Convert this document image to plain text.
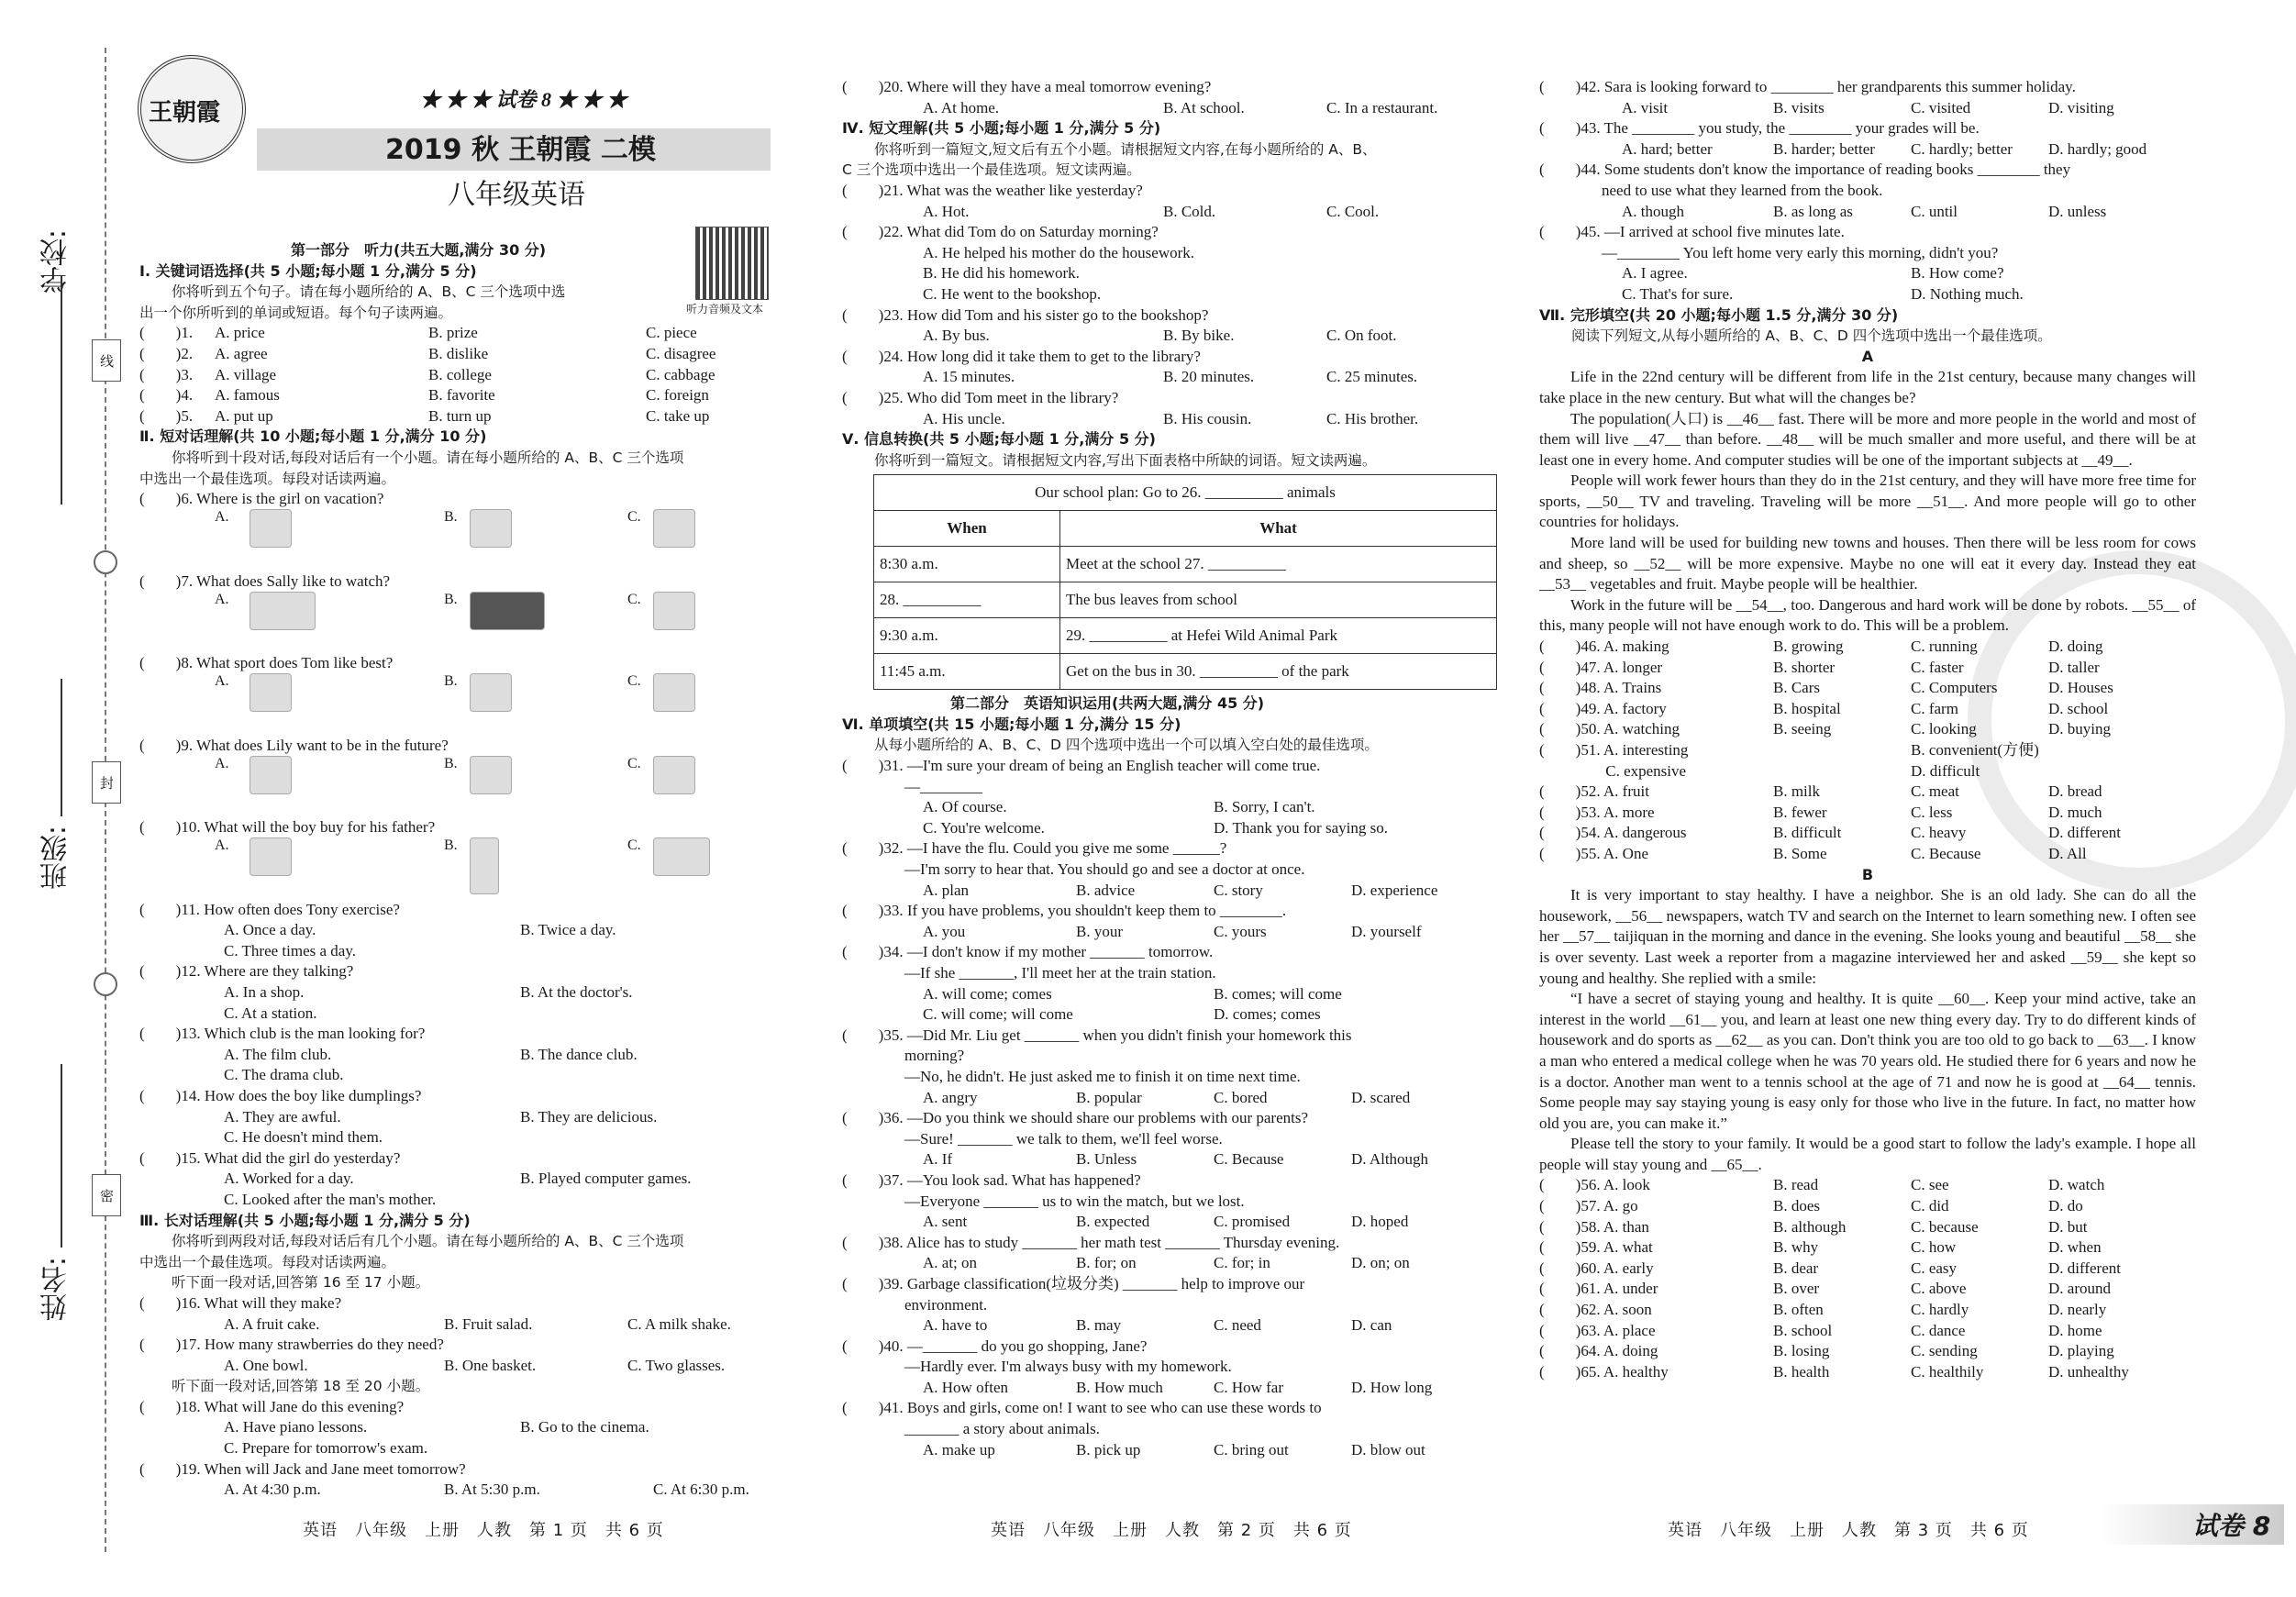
学校:
班级:
姓名:
线
封
密
王朝霞	★ ★ ★ 试卷 8 ★ ★ ★
2019 秋 王朝霞 二模
八年级英语
听力音频及文本
第一部分　听力(共五大题,满分 30 分)
Ⅰ. 关键词语选择(共 5 小题;每小题 1 分,满分 5 分)
你将听到五个句子。请在每小题所给的 A、B、C 三个选项中选
出一个你所听到的单词或短语。每个句子读两遍。
(　　)1. A. price	B. prize	C. piece
(　　)2. A. agree	B. dislike	C. disagree
(　　)3. A. village	B. college	C. cabbage
(　　)4. A. famous	B. favorite	C. foreign
(　　)5. A. put up	B. turn up	C. take up
Ⅱ. 短对话理解(共 10 小题;每小题 1 分,满分 10 分)
你将听到十段对话,每段对话后有一个小题。请在每小题所给的 A、B、C 三个选项
中选出一个最佳选项。每段对话读两遍。
(　　)6. Where is the girl on vacation?
A.	B.	C.
(　　)7. What does Sally like to watch?
A.	B.	C.
(　　)8. What sport does Tom like best?
A.	B.	C.
(　　)9. What does Lily want to be in the future?
A.	B.	C.
(　　)10. What will the boy buy for his father?
A.	B.	C.
(　　)11. How often does Tony exercise?
A. Once a day.	B. Twice a day.
C. Three times a day.
(　　)12. Where are they talking?
A. In a shop.	B. At the doctor's.
C. At a station.
(　　)13. Which club is the man looking for?
A. The film club.	B. The dance club.
C. The drama club.
(　　)14. How does the boy like dumplings?
A. They are awful.	B. They are delicious.
C. He doesn't mind them.
(　　)15. What did the girl do yesterday?
A. Worked for a day.	B. Played computer games.
C. Looked after the man's mother.
Ⅲ. 长对话理解(共 5 小题;每小题 1 分,满分 5 分)
你将听到两段对话,每段对话后有几个小题。请在每小题所给的 A、B、C 三个选项
中选出一个最佳选项。每段对话读两遍。
听下面一段对话,回答第 16 至 17 小题。
(　　)16. What will they make?
A. A fruit cake.	B. Fruit salad.	C. A milk shake.
(　　)17. How many strawberries do they need?
A. One bowl.	B. One basket.	C. Two glasses.
听下面一段对话,回答第 18 至 20 小题。
(　　)18. What will Jane do this evening?
A. Have piano lessons.	B. Go to the cinema.
C. Prepare for tomorrow's exam.
(　　)19. When will Jack and Jane meet tomorrow?
A. At 4:30 p.m.	B. At 5:30 p.m.	C. At 6:30 p.m.
(　　)20. Where will they have a meal tomorrow evening?
A. At home.	B. At school.	C. In a restaurant.
Ⅳ. 短文理解(共 5 小题;每小题 1 分,满分 5 分)
你将听到一篇短文,短文后有五个小题。请根据短文内容,在每小题所给的 A、B、
C 三个选项中选出一个最佳选项。短文读两遍。
(　　)21. What was the weather like yesterday?
A. Hot.	B. Cold.	C. Cool.
(　　)22. What did Tom do on Saturday morning?
A. He helped his mother do the housework.
B. He did his homework.
C. He went to the bookshop.
(　　)23. How did Tom and his sister go to the bookshop?
A. By bus.	B. By bike.	C. On foot.
(　　)24. How long did it take them to get to the library?
A. 15 minutes.	B. 20 minutes.	C. 25 minutes.
(　　)25. Who did Tom meet in the library?
A. His uncle.	B. His cousin.	C. His brother.
Ⅴ. 信息转换(共 5 小题;每小题 1 分,满分 5 分)
你将听到一篇短文。请根据短文内容,写出下面表格中所缺的词语。短文读两遍。
Our school plan: Go to 26. __________ animals	
When	What
8:30 a.m.	Meet at the school 27. __________
28. __________	The bus leaves from school
9:30 a.m.	29. __________ at Hefei Wild Animal Park
11:45 a.m.	Get on the bus in 30. __________ of the park
第二部分　英语知识运用(共两大题,满分 45 分)
Ⅵ. 单项填空(共 15 小题;每小题 1 分,满分 15 分)
从每小题所给的 A、B、C、D 四个选项中选出一个可以填入空白处的最佳选项。
(　　)31. —I'm sure your dream of being an English teacher will come true.
　　　　—________
A. Of course.	B. Sorry, I can't.
C. You're welcome.	D. Thank you for saying so.
(　　)32. —I have the flu. Could you give me some ______?
　　　　—I'm sorry to hear that. You should go and see a doctor at once.
A. plan	B. advice	C. story	D. experience
(　　)33. If you have problems, you shouldn't keep them to ________.
A. you	B. your	C. yours	D. yourself
(　　)34. —I don't know if my mother _______ tomorrow.
　　　　—If she _______, I'll meet her at the train station.
A. will come; comes	B. comes; will come
C. will come; will come	D. comes; comes
(　　)35. —Did Mr. Liu get _______ when you didn't finish your homework this
　　　　morning?
　　　　—No, he didn't. He just asked me to finish it on time next time.
A. angry	B. popular	C. bored	D. scared
(　　)36. —Do you think we should share our problems with our parents?
　　　　—Sure! _______ we talk to them, we'll feel worse.
A. If	B. Unless	C. Because	D. Although
(　　)37. —You look sad. What has happened?
　　　　—Everyone _______ us to win the match, but we lost.
A. sent	B. expected	C. promised	D. hoped
(　　)38. Alice has to study _______ her math test _______ Thursday evening.
A. at; on	B. for; on	C. for; in	D. on; on
(　　)39. Garbage classification(垃圾分类) _______ help to improve our
　　　　environment.
A. have to	B. may	C. need	D. can
(　　)40. —_______ do you go shopping, Jane?
　　　　—Hardly ever. I'm always busy with my homework.
A. How often	B. How much	C. How far	D. How long
(　　)41. Boys and girls, come on! I want to see who can use these words to
　　　　_______ a story about animals.
A. make up	B. pick up	C. bring out	D. blow out
(　　)42. Sara is looking forward to ________ her grandparents this summer holiday.
A. visit	B. visits	C. visited	D. visiting
(　　)43. The ________ you study, the ________ your grades will be.
A. hard; better	B. harder; better C. hardly; better D. hardly; good
(　　)44. Some students don't know the importance of reading books ________ they
　　　　need to use what they learned from the book.
A. though	B. as long as	C. until	D. unless
(　　)45. —I arrived at school five minutes late.
　　　　—________ You left home very early this morning, didn't you?
A. I agree.	B. How come?
C. That's for sure.	D. Nothing much.
Ⅶ. 完形填空(共 20 小题;每小题 1.5 分,满分 30 分)
阅读下列短文,从每小题所给的 A、B、C、D 四个选项中选出一个最佳选项。
A
Life in the 22nd century will be different from life in the 21st century, because many changes will take place in the new century. But what will the changes be?
The population(人口) is __46__ fast. There will be more and more people in the world and most of them will live __47__ than before. __48__ will be much smaller and more useful, and there will be at least one in every home. And computer studies will be one of the important subjects at __49__.
People will work fewer hours than they do in the 21st century, and they will have more free time for sports, __50__ TV and traveling. Traveling will be more __51__. And more people will go to other countries for holidays.
More land will be used for building new towns and houses. Then there will be less room for cows and sheep, so __52__ will be more expensive. Maybe no one will eat it every day. Instead they eat __53__ vegetables and fruit. Maybe people will be healthier.
Work in the future will be __54__, too. Dangerous and hard work will be done by robots. __55__ of this, many people will not have enough work to do. This will be a problem.
(　　)46. A. making	B. growing	C. running	D. doing
(　　)47. A. longer	B. shorter	C. faster	D. taller
(　　)48. A. Trains	B. Cars	C. Computers	D. Houses
(　　)49. A. factory	B. hospital	C. farm	D. school
(　　)50. A. watching	B. seeing	C. looking	D. buying
(　　)51. A. interesting	B. convenient(方便)
　　　　 C. expensive	D. difficult
(　　)52. A. fruit	B. milk	C. meat	D. bread
(　　)53. A. more	B. fewer	C. less	D. much
(　　)54. A. dangerous	B. difficult	C. heavy	D. different
(　　)55. A. One	B. Some	C. Because	D. All
B
It is very important to stay healthy. I have a neighbor. She is an old lady. She can do all the housework, __56__ newspapers, watch TV and search on the Internet to learn something new. I often see her __57__ taijiquan in the morning and dance in the evening. She looks young and beautiful __58__ she is over seventy. Last week a reporter from a magazine interviewed her and asked __59__ she kept so young and healthy. She replied with a smile:
“I have a secret of staying young and healthy. It is quite __60__. Keep your mind active, take an interest in the world __61__ you, and learn at least one new thing every day. Try to do different kinds of housework and do sports as __62__ as you can. Don't think you are too old to go back to __63__. I know a man who entered a medical college when he was 70 years old. He studied there for 6 years and now he is a doctor. Another man went to a tennis school at the age of 71 and now he is good at __64__ tennis. Some people may say staying young is easy only for those who live in the future. In fact, no matter how old you are, you can make it.”
Please tell the story to your family. It would be a good start to follow the lady's example. I hope all people will stay young and __65__.
(　　)56. A. look	B. read	C. see	D. watch
(　　)57. A. go	B. does	C. did	D. do
(　　)58. A. than	B. although	C. because	D. but
(　　)59. A. what	B. why	C. how	D. when
(　　)60. A. early	B. dear	C. easy	D. different
(　　)61. A. under	B. over	C. above	D. around
(　　)62. A. soon	B. often	C. hardly	D. nearly
(　　)63. A. place	B. school	C. dance	D. home
(　　)64. A. doing	B. losing	C. sending	D. playing
(　　)65. A. healthy	B. health	C. healthily	D. unhealthy
英语　八年级　上册　人教　第 1 页　共 6 页	英语　八年级　上册　人教　第 2 页　共 6 页	英语　八年级　上册　人教　第 3 页　共 6 页	试卷 8
